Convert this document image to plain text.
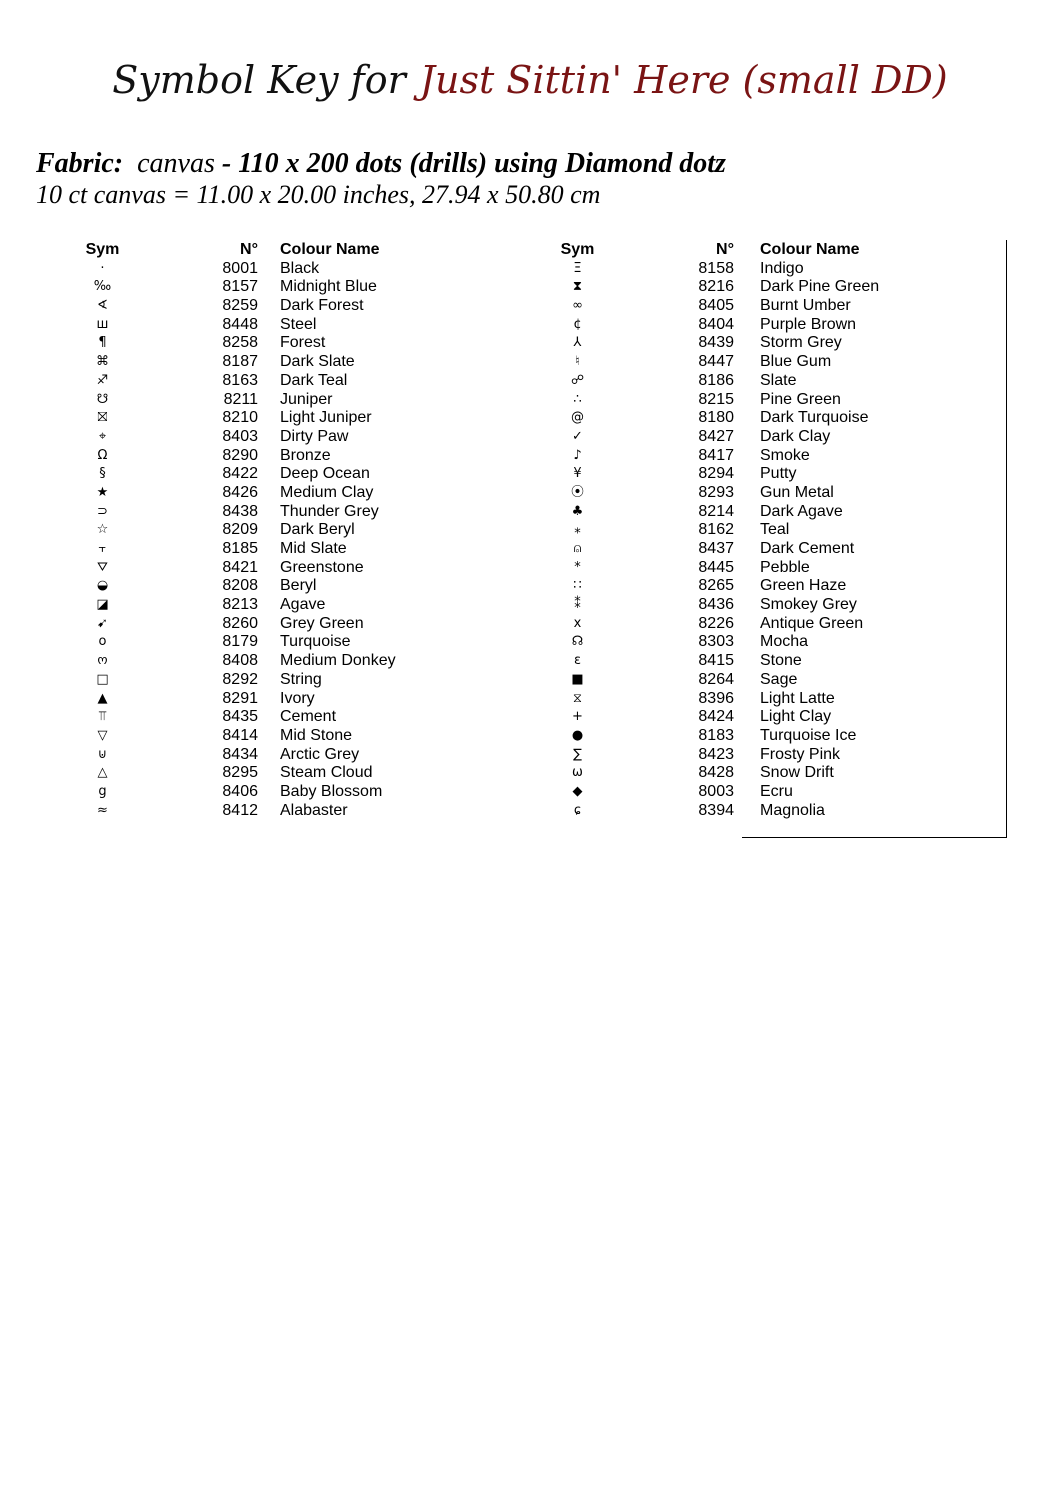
Symbol Key for Just Sittin' Here (small DD)
Fabric: canvas - 110 x 200 dots (drills) using Diamond dotz
10 ct canvas = 11.00 x 20.00 inches, 27.94 x 50.80 cm
Sym	N° Colour Name
·	8001 Black
‰	8157 Midnight Blue
∢	8259 Dark Forest
ш	8448 Steel
¶	8258 Forest
⌘	8187 Dark Slate
♐	8163 Dark Teal
☋	8211 Juniper
⛝	8210 Light Juniper
⌖	8403 Dirty Paw
Ω	8290 Bronze
§	8422 Deep Ocean
★	8426 Medium Clay
⊃	8438 Thunder Grey
☆	8209 Dark Beryl
⫟	8185 Mid Slate
⛛	8421 Greenstone
◒	8208 Beryl
◪	8213 Agave
➹	8260 Grey Green
o	8179 Turquoise
ო	8408 Medium Donkey
□	8292 String
▲	8291 Ivory
⫪	8435 Cement
▽	8414 Mid Stone
⊍	8434 Arctic Grey
△	8295 Steam Cloud
g	8406 Baby Blossom
≈	8412 Alabaster
Sym	N° Colour Name
Ξ	8158 Indigo
⧗	8216 Dark Pine Green
∞	8405 Burnt Umber
¢	8404 Purple Brown
⅄	8439 Storm Grey
♮	8447 Blue Gum
☍	8186 Slate
∴	8215 Pine Green
@	8180 Dark Turquoise
✓	8427 Dark Clay
♪	8417 Smoke
¥	8294 Putty
⦿	8293 Gun Metal
♣	8214 Dark Agave
⁎	8162 Teal
⍝	8437 Dark Cement
*	8445 Pebble
∷	8265 Green Haze
⁑	8436 Smokey Grey
x	8226 Antique Green
☊	8303 Mocha
ɛ	8415 Stone
■	8264 Sage
⧖	8396 Light Latte
+	8424 Light Clay
●	8183 Turquoise Ice
∑	8423 Frosty Pink
ω	8428 Snow Drift
◆	8003 Ecru
ɕ	8394 Magnolia
